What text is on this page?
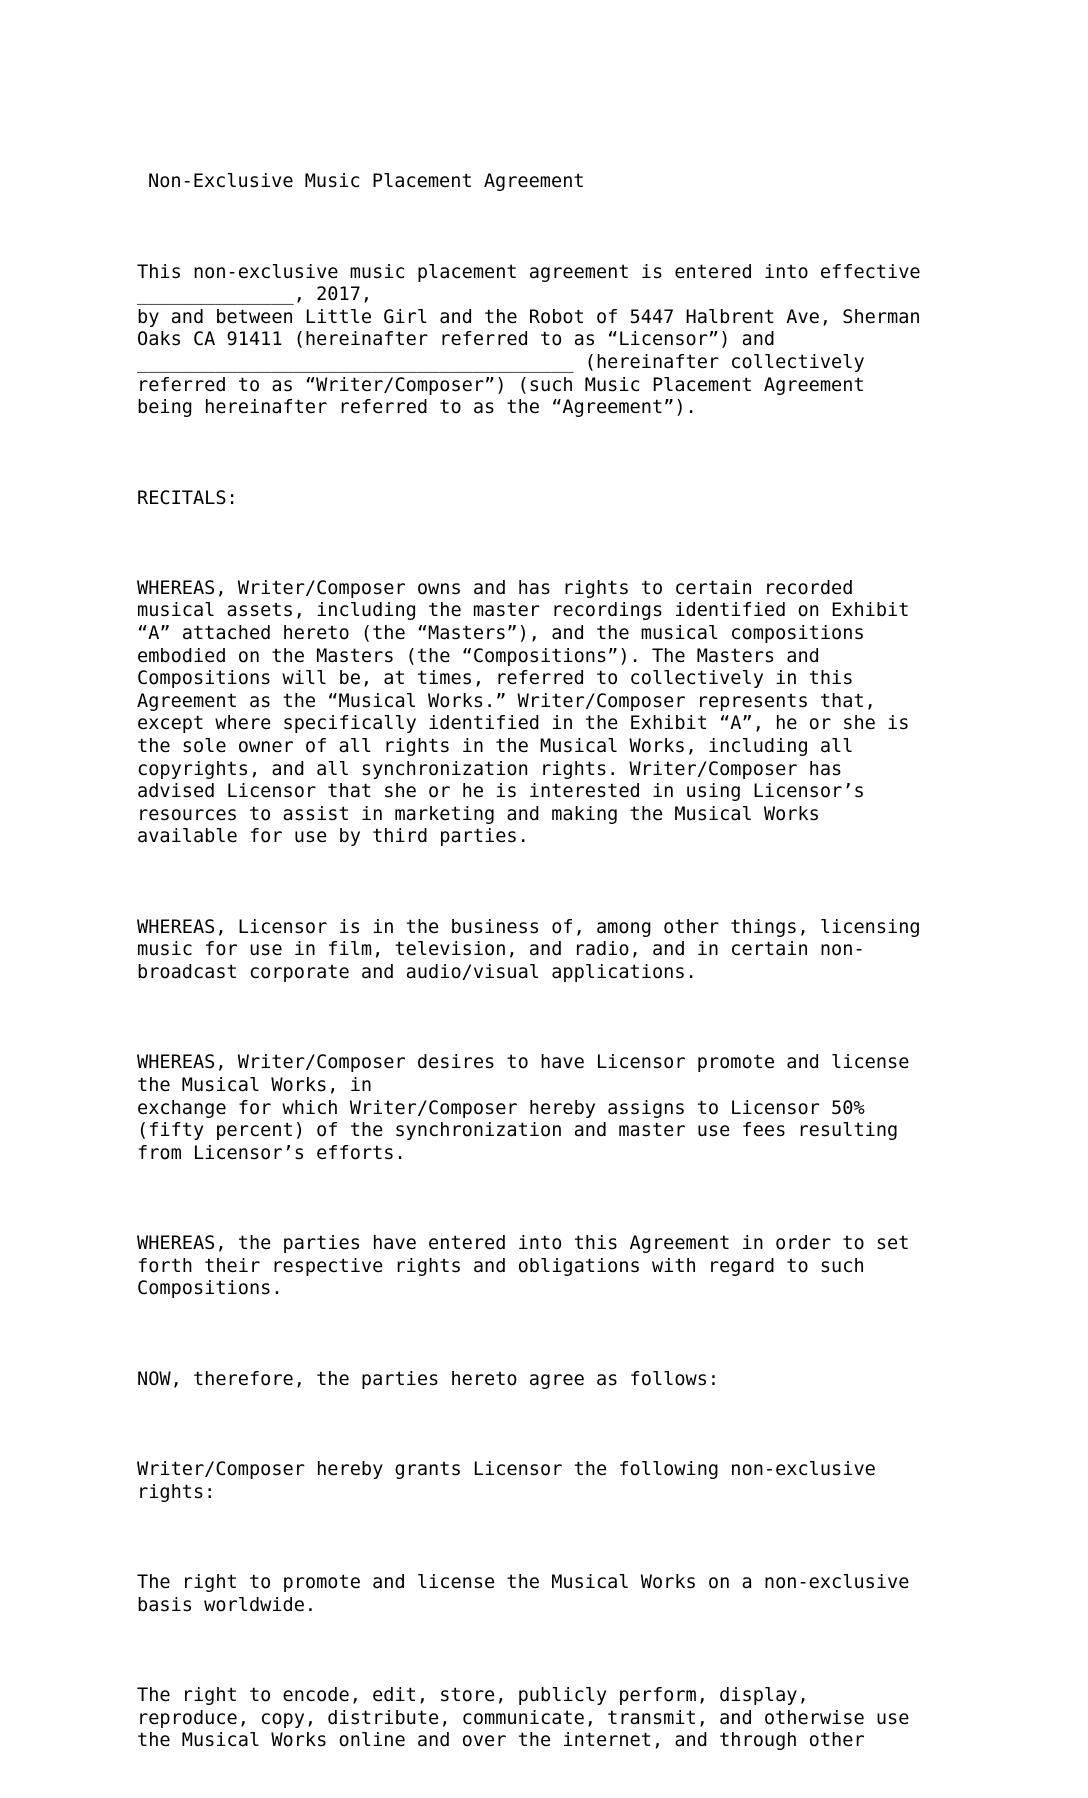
Non-Exclusive Music Placement Agreement

This non-exclusive music placement agreement is entered into effective
______________, 2017,
by and between Little Girl and the Robot of 5447 Halbrent Ave, Sherman
Oaks CA 91411 (hereinafter referred to as “Licensor”) and
_______________________________________ (hereinafter collectively
referred to as “Writer/Composer”) (such Music Placement Agreement
being hereinafter referred to as the “Agreement”).

RECITALS:

WHEREAS, Writer/Composer owns and has rights to certain recorded
musical assets, including the master recordings identified on Exhibit
“A” attached hereto (the “Masters”), and the musical compositions
embodied on the Masters (the “Compositions”). The Masters and
Compositions will be, at times, referred to collectively in this
Agreement as the “Musical Works.” Writer/Composer represents that,
except where specifically identified in the Exhibit “A”, he or she is
the sole owner of all rights in the Musical Works, including all
copyrights, and all synchronization rights. Writer/Composer has
advised Licensor that she or he is interested in using Licensor’s
resources to assist in marketing and making the Musical Works
available for use by third parties.

WHEREAS, Licensor is in the business of, among other things, licensing
music for use in film, television, and radio, and in certain non-
broadcast corporate and audio/visual applications.

WHEREAS, Writer/Composer desires to have Licensor promote and license
the Musical Works, in
exchange for which Writer/Composer hereby assigns to Licensor 50%
(fifty percent) of the synchronization and master use fees resulting
from Licensor’s efforts.

WHEREAS, the parties have entered into this Agreement in order to set
forth their respective rights and obligations with regard to such
Compositions.

NOW, therefore, the parties hereto agree as follows:

Writer/Composer hereby grants Licensor the following non-exclusive
rights:

The right to promote and license the Musical Works on a non-exclusive
basis worldwide.

The right to encode, edit, store, publicly perform, display,
reproduce, copy, distribute, communicate, transmit, and otherwise use
the Musical Works online and over the internet, and through other
